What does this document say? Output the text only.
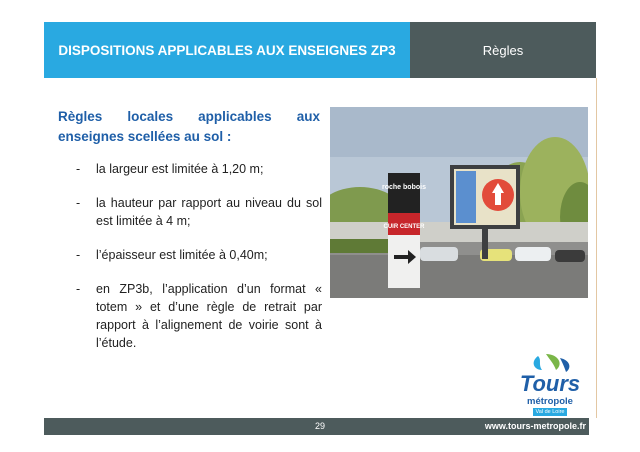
DISPOSITIONS APPLICABLES AUX ENSEIGNES ZP3	Règles
Règles locales applicables aux enseignes scellées au sol :
- la largeur est limitée à 1,20 m;
- la hauteur par rapport au niveau du sol est limitée à 4 m;
- l’épaisseur est limitée à 0,40m;
- en ZP3b, l’application d’un format « totem » et d’une règle de retrait par rapport à l’alignement de voirie sont à l’étude.
roche bobois
CUIR CENTER
29	www.tours-metropole.fr
Tours
métropole
Val de Loire
